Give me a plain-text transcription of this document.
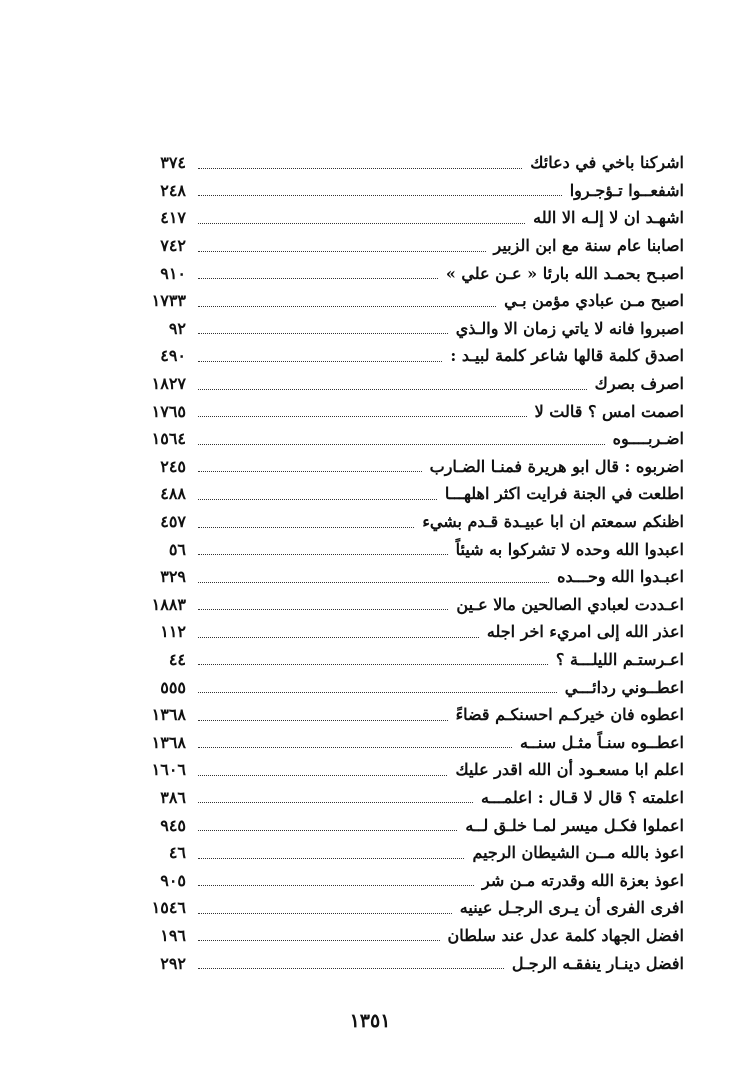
٣٧٤	اشركنا باخي في دعائك
٢٤٨	اشفعــوا تـؤجـروا
٤١٧	اشهـد ان لا إلـه الا الله
٧٤٢	اصابنا عام سنة مع ابن الزبير
٩١٠	اصبـح بحمـد الله بارئا « عـن علي »
١٧٣٣	اصبح مـن عبادي مؤمن بـي
٩٢	اصبروا فانه لا ياتي زمان الا والـذي
٤٩٠	اصدق كلمة قالها شاعر كلمة لبيـد :
١٨٢٧	اصرف بصرك
١٧٦٥	اصمت امس ؟ قالت لا
١٥٦٤	اضـربــــوه
٢٤٥	اضربوه : قال ابو هريرة فمنـا الضـارب
٤٨٨	اطلعت في الجنة فرايت اكثر اهلهـــا
٤٥٧	اظنكم سمعتم ان ابا عبيـدة قـدم بشيء
٥٦	اعبدوا الله وحده لا تشركوا به شيئاً
٣٢٩	اعبـدوا الله وحـــده
١٨٨٣	اعـددت لعبادي الصالحين مالا عـين
١١٢	اعذر الله إلى امريء اخر اجله
٤٤	اعـرستـم الليلـــة ؟
٥٥٥	اعطــوني ردائـــي
١٣٦٨	اعطوه فان خيركـم احسنكـم قضاءً
١٣٦٨	اعطــوه سنـاً مثـل سنــه
١٦٠٦	اعلم ابا مسعـود أن الله اقدر عليك
٣٨٦	اعلمته ؟ قال لا قـال : اعلمـــه
٩٤٥	اعملوا فكـل ميسر لمـا خلـق لــه
٤٦	اعوذ بالله مــن الشيطان الرجيم
٩٠٥	اعوذ بعزة الله وقدرته مـن شر
١٥٤٦	افرى الفرى أن يـرى الرجـل عينيه
١٩٦	افضل الجهاد كلمة عدل عند سلطان
٢٩٢	افضل دينـار ينفقـه الرجـل
١٣٥١
